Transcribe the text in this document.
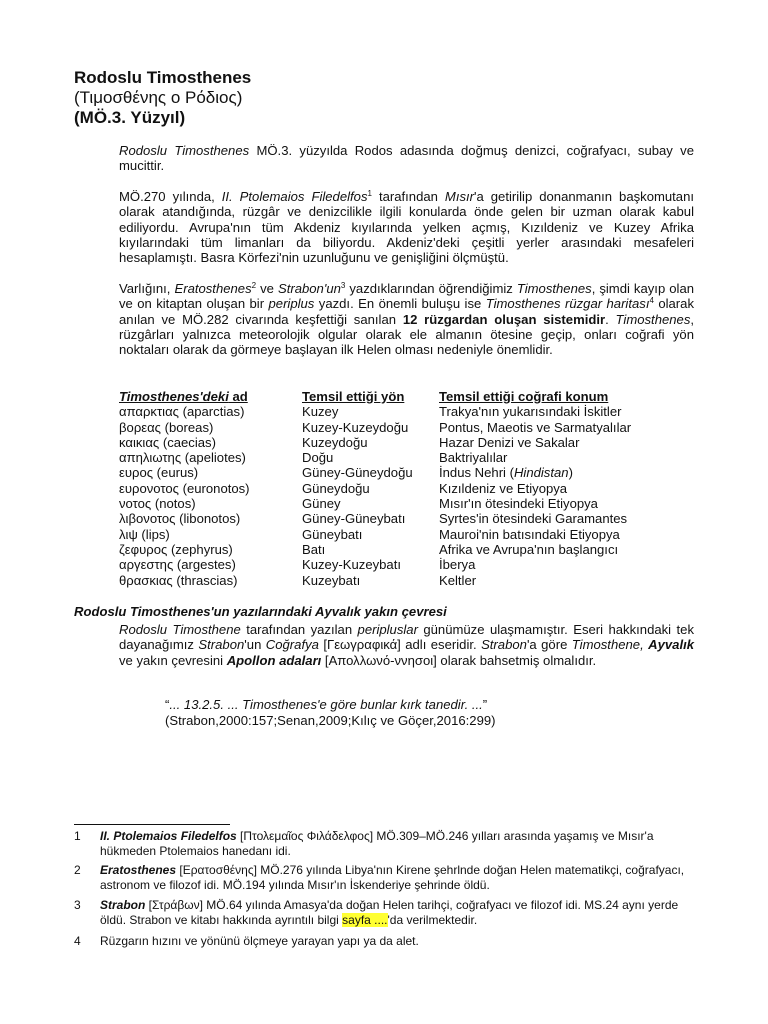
Rodoslu Timosthenes
(Τιμοσθένης ο Ρόδιος)
(MÖ.3. Yüzyıl)
Rodoslu Timosthenes MÖ.3. yüzyılda Rodos adasında doğmuş denizci, coğrafyacı, subay ve mucittir.
MÖ.270 yılında, II. Ptolemaios Filedelfos$^1$ tarafından Mısır'a getirilip donanmanın başkomutanı olarak atandığında, rüzgâr ve denizcilikle ilgili konularda önde gelen bir uzman olarak kabul ediliyordu. Avrupa'nın tüm Akdeniz kıyılarında yelken açmış, Kızıldeniz ve Kuzey Afrika kıyılarındaki tüm limanları da biliyordu. Akdeniz'deki çeşitli yerler arasındaki mesafeleri hesaplamıştı. Basra Körfezi'nin uzunluğunu ve genişliğini ölçmüştü.
Varlığını, Eratosthenes$^2$ ve $Strabon'un^3$ yazdıklarından öğrendiğimiz Timosthenes, şimdi kayıp olan ve on kitaptan oluşan bir periplus yazdı. En önemli buluşu ise Timosthenes rüzgar haritası$^4$ olarak anılan ve MÖ.282 civarında keşfettiği sanılan 12 rüzgardan oluşan sistemidir. Timosthenes, rüzgârları yalnızca meteorolojik olgular olarak ele almanın ötesine geçip, onları coğrafi yön noktaları olarak da görmeye başlayan ilk Helen olması nedeniyle önemlidir.
Timosthenes'deki ad	Temsil ettiği yön	Temsil ettiği coğrafi konum
απαρκτιας (aparctias)	Kuzey	Trakya'nın yukarısındaki İskitler
βορεας (boreas)	Kuzey-Kuzeydoğu	Pontus, Maeotis ve Sarmatyalılar
καικιας (caecias)	Kuzeydoğu	Hazar Denizi ve Sakalar
απηλιωτης (apeliotes)	Doğu	Baktriyalılar
ευρος (eurus)	Güney-Güneydoğu	İndus Nehri (Hindistan)
ευρονοτος (euronotos)	Güneydoğu	Kızıldeniz ve Etiyopya
νοτος (notos)	Güney	Mısır'ın ötesindeki Etiyopya
λιβονοτος (libonotos)	Güney-Güneybatı	Syrtes'in ötesindeki Garamantes
λιψ (lips)	Güneybatı	Mauroi'nin batısındaki Etiyopya
ζεφυρος (zephyrus)	Batı	Afrika ve Avrupa'nın başlangıcı
αργεστης (argestes)	Kuzey-Kuzeybatı	İberya
θρασκιας (thrascias)	Kuzeybatı	Keltler
Rodoslu Timosthenes'un yazılarındaki Ayvalık yakın çevresi
Rodoslu Timosthene tarafından yazılan peripluslar günümüze ulaşmamıştır. Eseri hakkındaki tek dayanağımız Strabon'un Coğrafya [Γεωγραφικά] adlı eseridir. Strabon'a göre Timosthene, Ayvalık ve yakın çevresini Apollon adaları [Απολλωνό-ννησοι] olarak bahsetmiş olmalıdır.
“... 13.2.5. ... Timosthenes'e göre bunlar kırk tanedir. ...”
(Strabon,2000:157;Senan,2009;Kılıç ve Göçer,2016:299)
1	II. Ptolemaios Filedelfos [Πτολεμαῖος Φιλάδελφος] MÖ.309–MÖ.246 yılları arasında yaşamış ve Mısır'a hükmeden Ptolemaios hanedanı idi.
2	Eratosthenes [Ερατοσθένης] MÖ.276 yılında Libya'nın Kirene şehrlnde doğan Helen matematikçi, coğrafyacı, astronom ve filozof idi. MÖ.194 yılında Mısır'ın İskenderiye şehrinde öldü.
3	Strabon [Στράβων] MÖ.64 yılında Amasya'da doğan Helen tarihçi, coğrafyacı ve filozof idi. MS.24 aynı yerde öldü. Strabon ve kitabı hakkında ayrıntılı bilgi sayfa ....'da verilmektedir.
4	Rüzgarın hızını ve yönünü ölçmeye yarayan yapı ya da alet.
